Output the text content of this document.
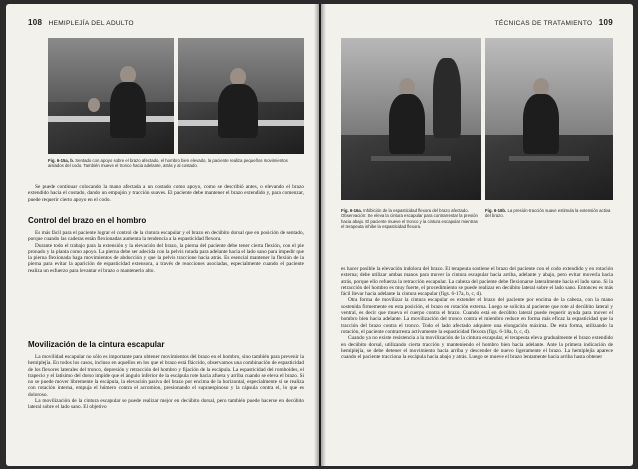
108 HEMIPLEJÍA DEL ADULTO
Fig. 6-15a, b. Sentado con apoyo sobre el brazo afectado, el hombro bien elevado, la paciente realiza pequeños movimientos aislados del codo. También mueve el tronco hacia adelante, atrás y al costado.

Se puede continuar colocando la mano afectada a un costado como apoyo, como se describió antes, o elevando el brazo extendido hacia el costado, dando un empujón y tracción suaves. El paciente debe mantener el brazo extendido y, para comenzar, puede requerir cierto apoyo en el codo.

Control del brazo en el hombro

Es más fácil para el paciente lograr el control de la cintura escapular y el brazo en decúbito dorsal que en posición de sentado, porque cuando las caderas están flexionadas aumenta la tendencia a la espasticidad flexora.

Durante todo el trabajo para la extensión y la elevación del brazo, la pierna del paciente debe tener cierta flexión, con el pie pronado y la planta como apoyo. La pierna debe ser adecida con la pelvis rotada para adelante hacia el lado sano para impedir que la pierna flexionada haga movimientos de abducción y que la pelvis traccione hacia atrás. Es esencial mantener la flexión de la pierna para evitar la aparición de espasticidad extensora, a través de reacciones asociadas, especialmente cuando el paciente realiza un esfuerzo para levantar el brazo o mantenerlo alto.

Movilización de la cintura escapular

La movilidad escapular no sólo es importante para obtener movimientos del brazo en el hombro, sino también para prevenir la hemiplejía. En todos los casos, incluso en aquellos en los que el brazo está fláccido, observamos una combinación de espasticidad de los flexores laterales del tronco, depresión y retracción del hombro y fijación de la escápula. La espasticidad del romboides, el trapecio y el latísimo del dorso impide que el ángulo inferior de la escápula rote hacia afuera y arriba cuando se eleva el brazo. Si no se puede mover libremente la escápula, la elevación pasiva del brazo por encima de la horizontal, especialmente si se realiza con rotación interna, empuja el húmero contra el acromion, presionando el supraespinoso y la cápsula contra el, lo que es doloroso.

La movilización de la cintura escapular se puede realizar mejor en decúbito dorsal, pero también puede hacerse en decúbito lateral sobre el lado sano. El objetivo

TÉCNICAS DE TRATAMIENTO 109
Fig. 6-16a. Inhibición de la espasticidad flexora del brazo afectado. Observación: Se eleva la cintura escapular para contrarrestar la presión hacia abajo. El paciente mueve el tronco y la cintura escapular mientras el terapeuta inhibe la espasticidad flexora.
Fig. 6-16b. La presión-tracción suave estimula la extensión activa del brazo.

es hacer posible la elevación indolora del brazo. El terapeuta sostiene el brazo del paciente con el codo extendido y en rotación externa; debe utilizar ambas manos para mover la cintura escapular hacia arriba, adelante y abajo, pero evitar moverla hacia atrás, porque ello refuerza la retracción escapular. La cabeza del paciente debe flexionarse lateralmente hacia el lado sano. Si la retracción del hombro es muy fuerte, el procedimiento se puede realizar en decúbito lateral sobre el lado sano. Entonces es más fácil llevar hacia adelante la cintura escapular (figs. 6-17a, b, c, d).

Otra forma de movilizar la cintura escapular es extender el brazo del paciente por encima de la cabeza, con la mano sostenida firmemente en esta posición, el brazo en rotación externa. Luego se solicita al paciente que rote al decúbito lateral y ventral, es decir que mueva el cuerpo contra el brazo. Cuando está en decúbito lateral puede requerir ayuda para mover el hombro bien hacia adelante. La movilización del tronco contra el miembro reduce en forma más eficaz la espasticidad que la tracción del brazo contra el tronco. Todo el lado afectado adquiere una elongación máxima. De esta forma, utilizando la rotación, el paciente contrarresta activamente la espasticidad flexora (figs. 6-18a, b, c, d).

Cuando ya no existe resistencia a la movilización de la cintura escapular, el terapeuta eleva gradualmente el brazo extendido en decúbito dorsal, utilizando cierta tracción y manteniendo el hombro bien hacia adelante. Ante la primera indicación de hemiplejía, se debe detener el movimiento hacia arriba y descender de nuevo ligeramente el brazo. La hemiplejía aparece cuando el paciente tracciona la escápula hacia abajo y atrás. Luego se mueve el brazo lentamente hacia arriba hasta obtener
